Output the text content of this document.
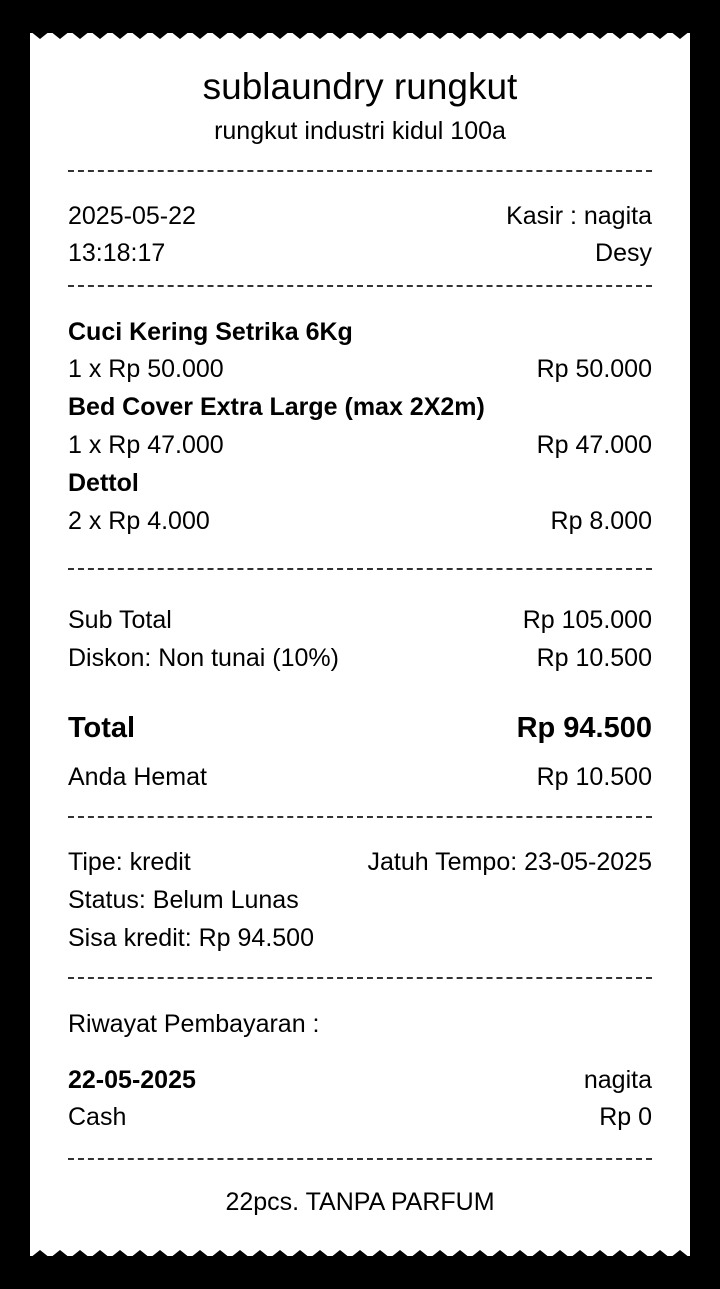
sublaundry rungkut
rungkut industri kidul 100a
2025-05-22	Kasir : nagita
13:18:17	Desy
Cuci Kering Setrika 6Kg
1 x Rp 50.000	Rp 50.000
Bed Cover Extra Large (max 2X2m)
1 x Rp 47.000	Rp 47.000
Dettol
2 x Rp 4.000	Rp 8.000
Sub Total	Rp 105.000
Diskon: Non tunai (10%)	Rp 10.500
Total	Rp 94.500
Anda Hemat	Rp 10.500
Tipe: kredit	Jatuh Tempo: 23-05-2025
Status: Belum Lunas
Sisa kredit: Rp 94.500
Riwayat Pembayaran :
22-05-2025	nagita
Cash	Rp 0
22pcs. TANPA PARFUM
